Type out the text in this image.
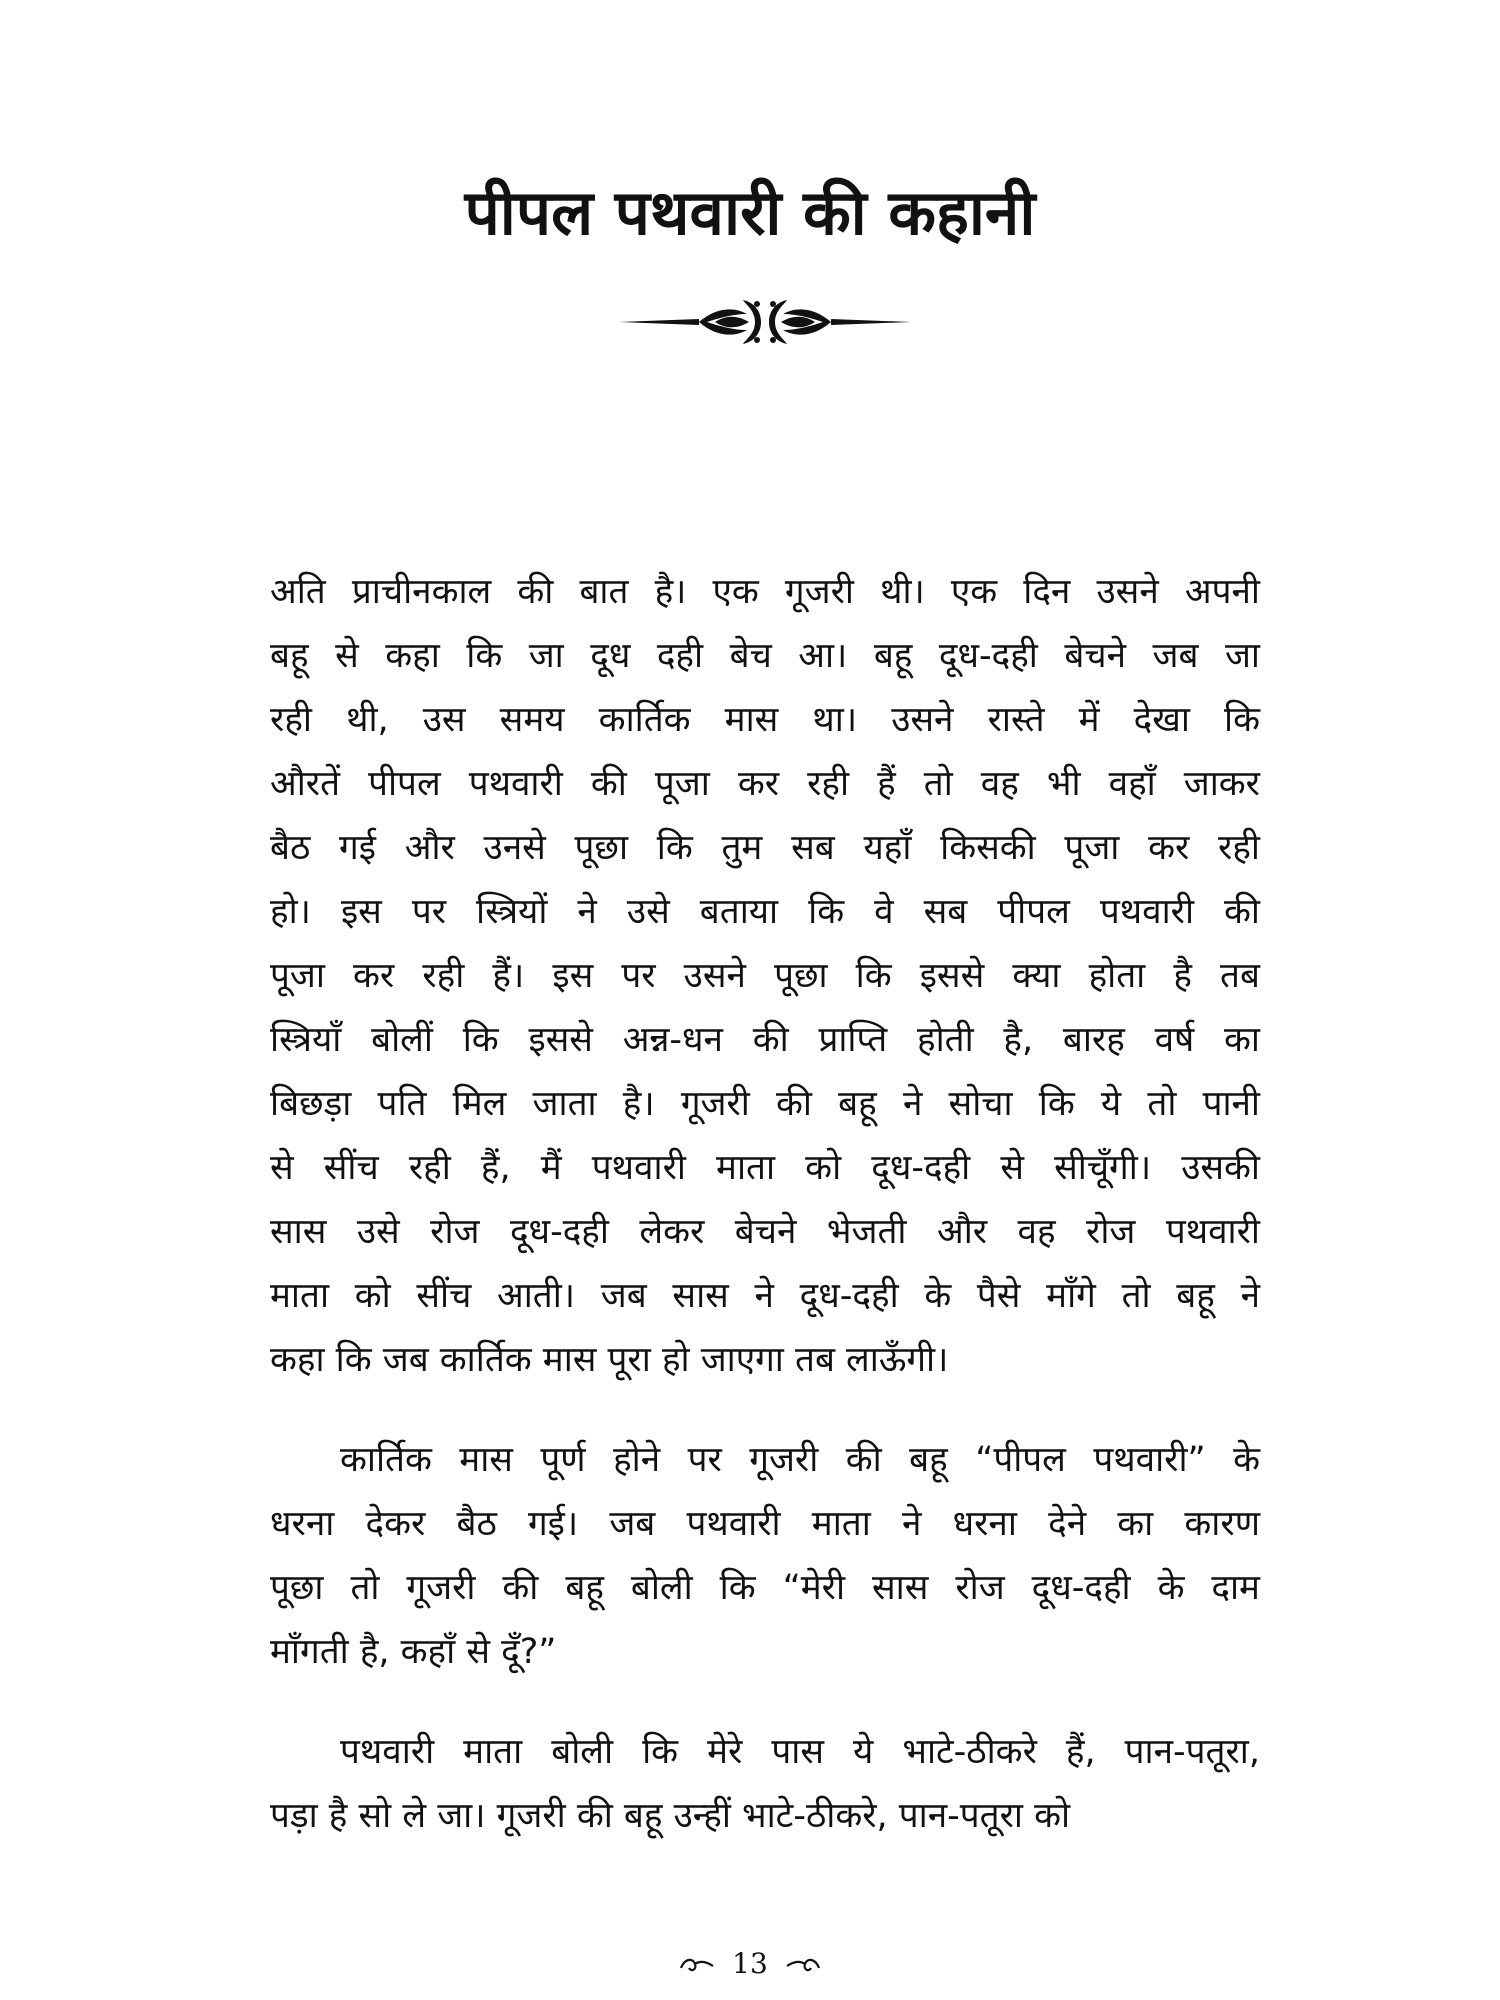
पीपल पथवारी की कहानी
अति प्राचीनकाल की बात है। एक गूजरी थी। एक दिन उसने अपनी
बहू से कहा कि जा दूध दही बेच आ। बहू दूध-दही बेचने जब जा
रही थी, उस समय कार्तिक मास था। उसने रास्ते में देखा कि
औरतें पीपल पथवारी की पूजा कर रही हैं तो वह भी वहाँ जाकर
बैठ गई और उनसे पूछा कि तुम सब यहाँ किसकी पूजा कर रही
हो। इस पर स्त्रियों ने उसे बताया कि वे सब पीपल पथवारी की
पूजा कर रही हैं। इस पर उसने पूछा कि इससे क्या होता है तब
स्त्रियाँ बोलीं कि इससे अन्न-धन की प्राप्ति होती है, बारह वर्ष का
बिछड़ा पति मिल जाता है। गूजरी की बहू ने सोचा कि ये तो पानी
से सींच रही हैं, मैं पथवारी माता को दूध-दही से सीचूँगी। उसकी
सास उसे रोज दूध-दही लेकर बेचने भेजती और वह रोज पथवारी
माता को सींच आती। जब सास ने दूध-दही के पैसे माँगे तो बहू ने
कहा कि जब कार्तिक मास पूरा हो जाएगा तब लाऊँगी।
कार्तिक मास पूर्ण होने पर गूजरी की बहू “पीपल पथवारी” के
धरना देकर बैठ गई। जब पथवारी माता ने धरना देने का कारण
पूछा तो गूजरी की बहू बोली कि “मेरी सास रोज दूध-दही के दाम
माँगती है, कहाँ से दूँ?”
पथवारी माता बोली कि मेरे पास ये भाटे-ठीकरे हैं, पान-पतूरा,
पड़ा है सो ले जा। गूजरी की बहू उन्हीं भाटे-ठीकरे, पान-पतूरा को
13
